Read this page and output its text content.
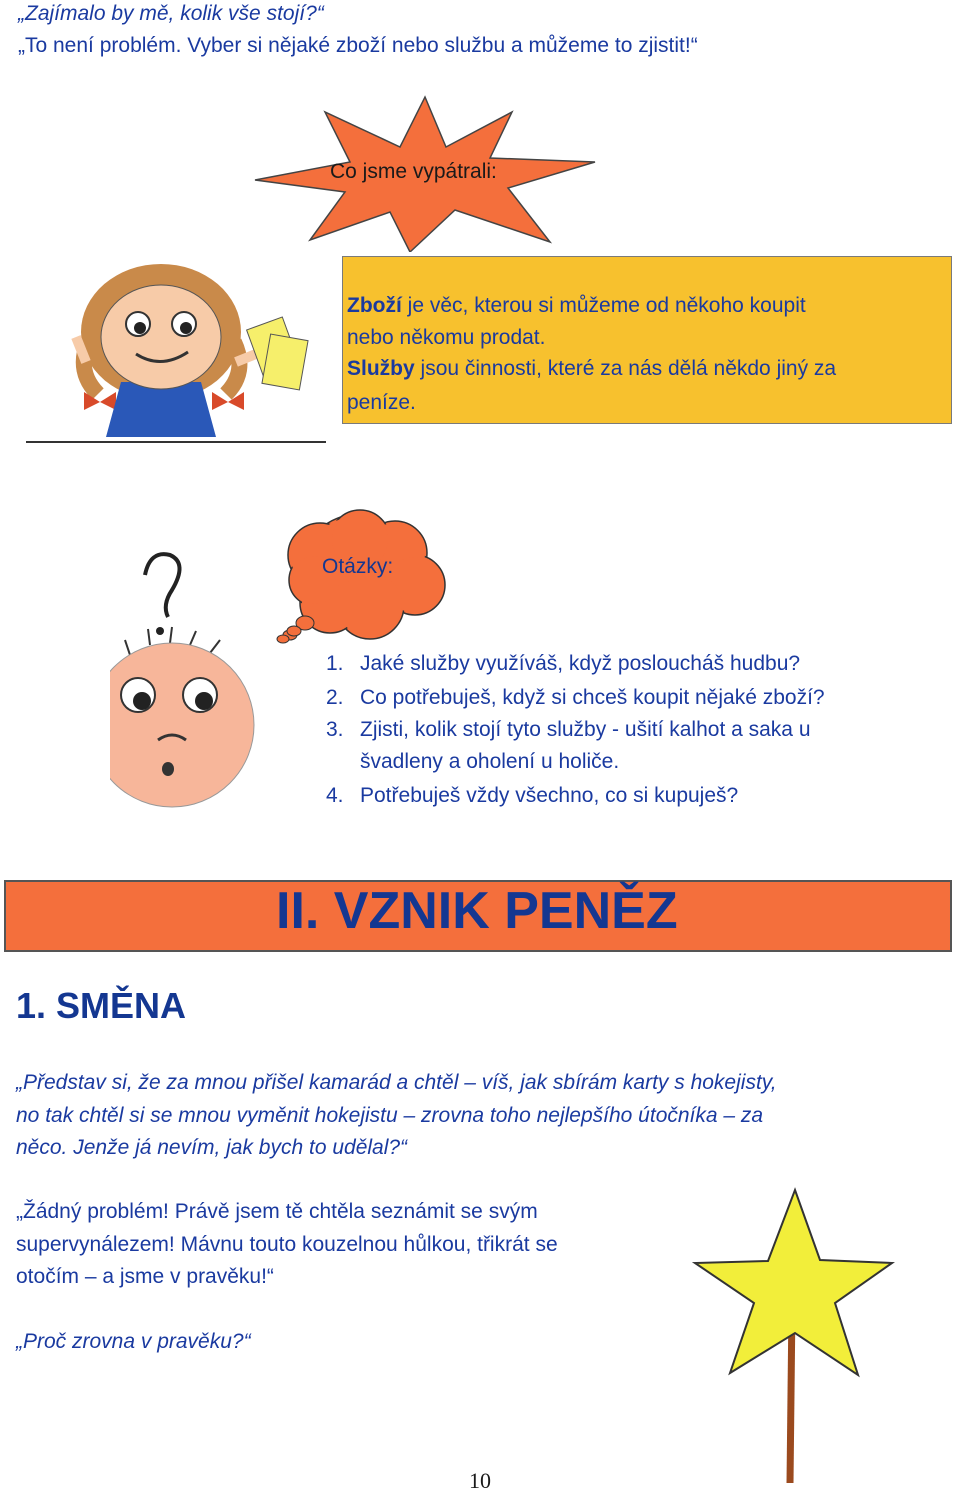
„Zajímalo by mě, kolik vše stojí?“
„To není problém. Vyber si nějaké zboží nebo službu a můžeme to zjistit!“
Co jsme vypátrali:
Zboží je věc, kterou si můžeme od někoho koupit
nebo někomu prodat.
Služby jsou činnosti, které za nás dělá někdo jiný za
peníze.
Otázky:
1. Jaké služby využíváš, když posloucháš hudbu?
2. Co potřebuješ, když si chceš koupit nějaké zboží?
3. Zjisti, kolik stojí tyto služby - ušití kalhot a saka u
švadleny a oholení u holiče.
4. Potřebuješ vždy všechno, co si kupuješ?
II. VZNIK PENĚZ
1. SMĚNA
„Představ si, že za mnou přišel kamarád a chtěl – víš, jak sbírám karty s hokejisty,
no tak chtěl si se mnou vyměnit hokejistu – zrovna toho nejlepšího útočníka – za
něco. Jenže já nevím, jak bych to udělal?“
„Žádný problém! Právě jsem tě chtěla seznámit se svým
supervynálezem! Mávnu touto kouzelnou hůlkou, třikrát se
otočím – a jsme v pravěku!“
„Proč zrovna v pravěku?“
10
